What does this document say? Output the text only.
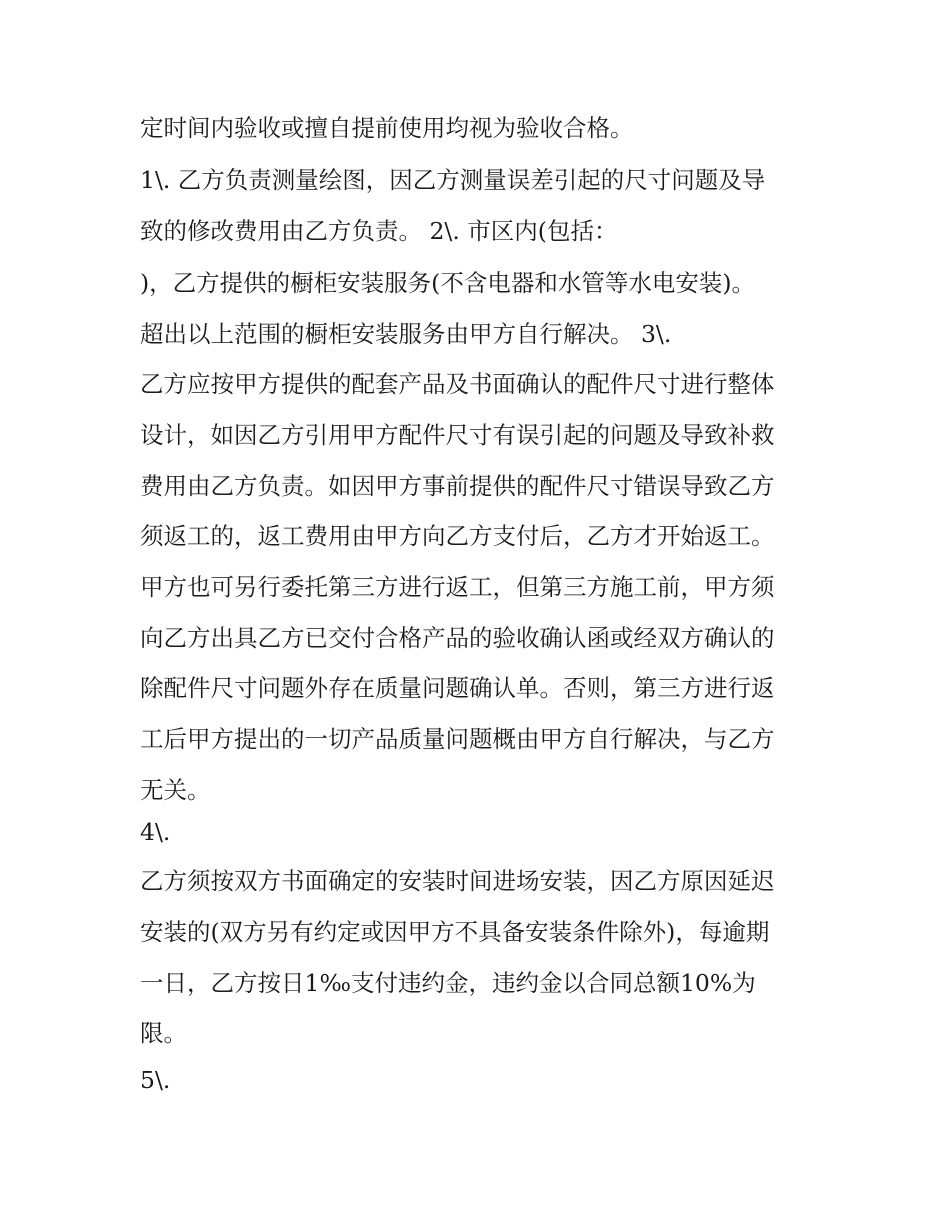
定时间内验收或擅自提前使用均视为验收合格。
1\. 乙方负责测量绘图，因乙方测量误差引起的尺寸问题及导
致的修改费用由乙方负责。 2\. 市区内(包括：
)，乙方提供的橱柜安装服务(不含电器和水管等水电安装)。
超出以上范围的橱柜安装服务由甲方自行解决。 3\.
乙方应按甲方提供的配套产品及书面确认的配件尺寸进行整体
设计，如因乙方引用甲方配件尺寸有误引起的问题及导致补救
费用由乙方负责。如因甲方事前提供的配件尺寸错误导致乙方
须返工的，返工费用由甲方向乙方支付后，乙方才开始返工。
甲方也可另行委托第三方进行返工，但第三方施工前，甲方须
向乙方出具乙方已交付合格产品的验收确认函或经双方确认的
除配件尺寸问题外存在质量问题确认单。否则，第三方进行返
工后甲方提出的一切产品质量问题概由甲方自行解决，与乙方
无关。
4\.
乙方须按双方书面确定的安装时间进场安装，因乙方原因延迟
安装的(双方另有约定或因甲方不具备安装条件除外)，每逾期
一日，乙方按日1‰支付违约金，违约金以合同总额10%为
限。
5\.
